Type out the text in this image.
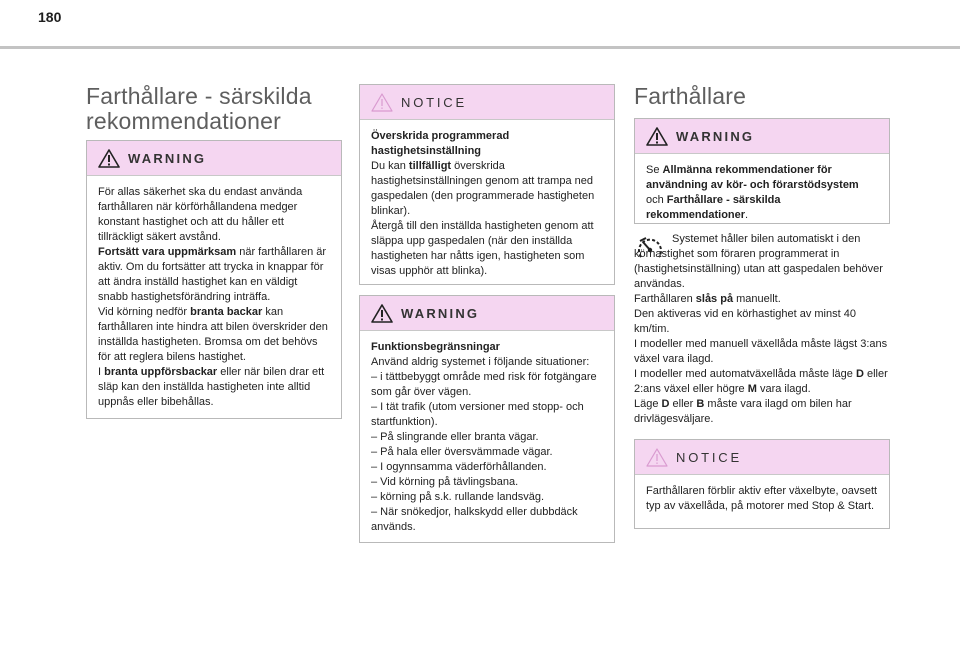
180
Farthållare - särskilda
rekommendationer
WARNING

För allas säkerhet ska du endast använda farthållaren när körförhållandena medger konstant hastighet och att du håller ett tillräckligt säkert avstånd.

Fortsätt vara uppmärksam när farthållaren är aktiv. Om du fortsätter att trycka in knappar för att ändra inställd hastighet kan en väldigt snabb hastighetsförändring inträffa.

Vid körning nedför branta backar kan farthållaren inte hindra att bilen överskrider den inställda hastigheten. Bromsa om det behövs för att reglera bilens hastighet.

I branta uppförsbackar eller när bilen drar ett släp kan den inställda hastigheten inte alltid uppnås eller bibehållas.

NOTICE

Överskrida programmerad hastighetsinställning

Du kan tillfälligt överskrida hastighetsinställningen genom att trampa ned gaspedalen (den programmerade hastigheten blinkar).

Återgå till den inställda hastigheten genom att släppa upp gaspedalen (när den inställda hastigheten har nåtts igen, hastigheten som visas upphör att blinka).

WARNING

Funktionsbegränsningar

Använd aldrig systemet i följande situationer:

– i tättbebyggt område med risk för fotgängare som går över vägen.

– I tät trafik (utom versioner med stopp- och startfunktion).

– På slingrande eller branta vägar.

– På hala eller översvämmade vägar.

– I ogynnsamma väderförhållanden.

– Vid körning på tävlingsbana.

– körning på s.k. rullande landsväg.

– När snökedjor, halkskydd eller dubbdäck används.

Farthållare
WARNING

Se Allmänna rekommendationer för användning av kör- och förarstödsystem och Farthållare - särskilda rekommendationer.

Systemet håller bilen automatiskt i den körhastighet som föraren programmerat in (hastighetsinställning) utan att gaspedalen behöver användas.

Farthållaren slås på manuellt.

Den aktiveras vid en körhastighet av minst 40 km/tim.

I modeller med manuell växellåda måste lägst 3:ans växel vara ilagd.

I modeller med automatväxellåda måste läge D eller 2:ans växel eller högre M vara ilagd.

Läge D eller B måste vara ilagd om bilen har drivlägesväljare.

NOTICE

Farthållaren förblir aktiv efter växelbyte, oavsett typ av växellåda, på motorer med Stop & Start.
